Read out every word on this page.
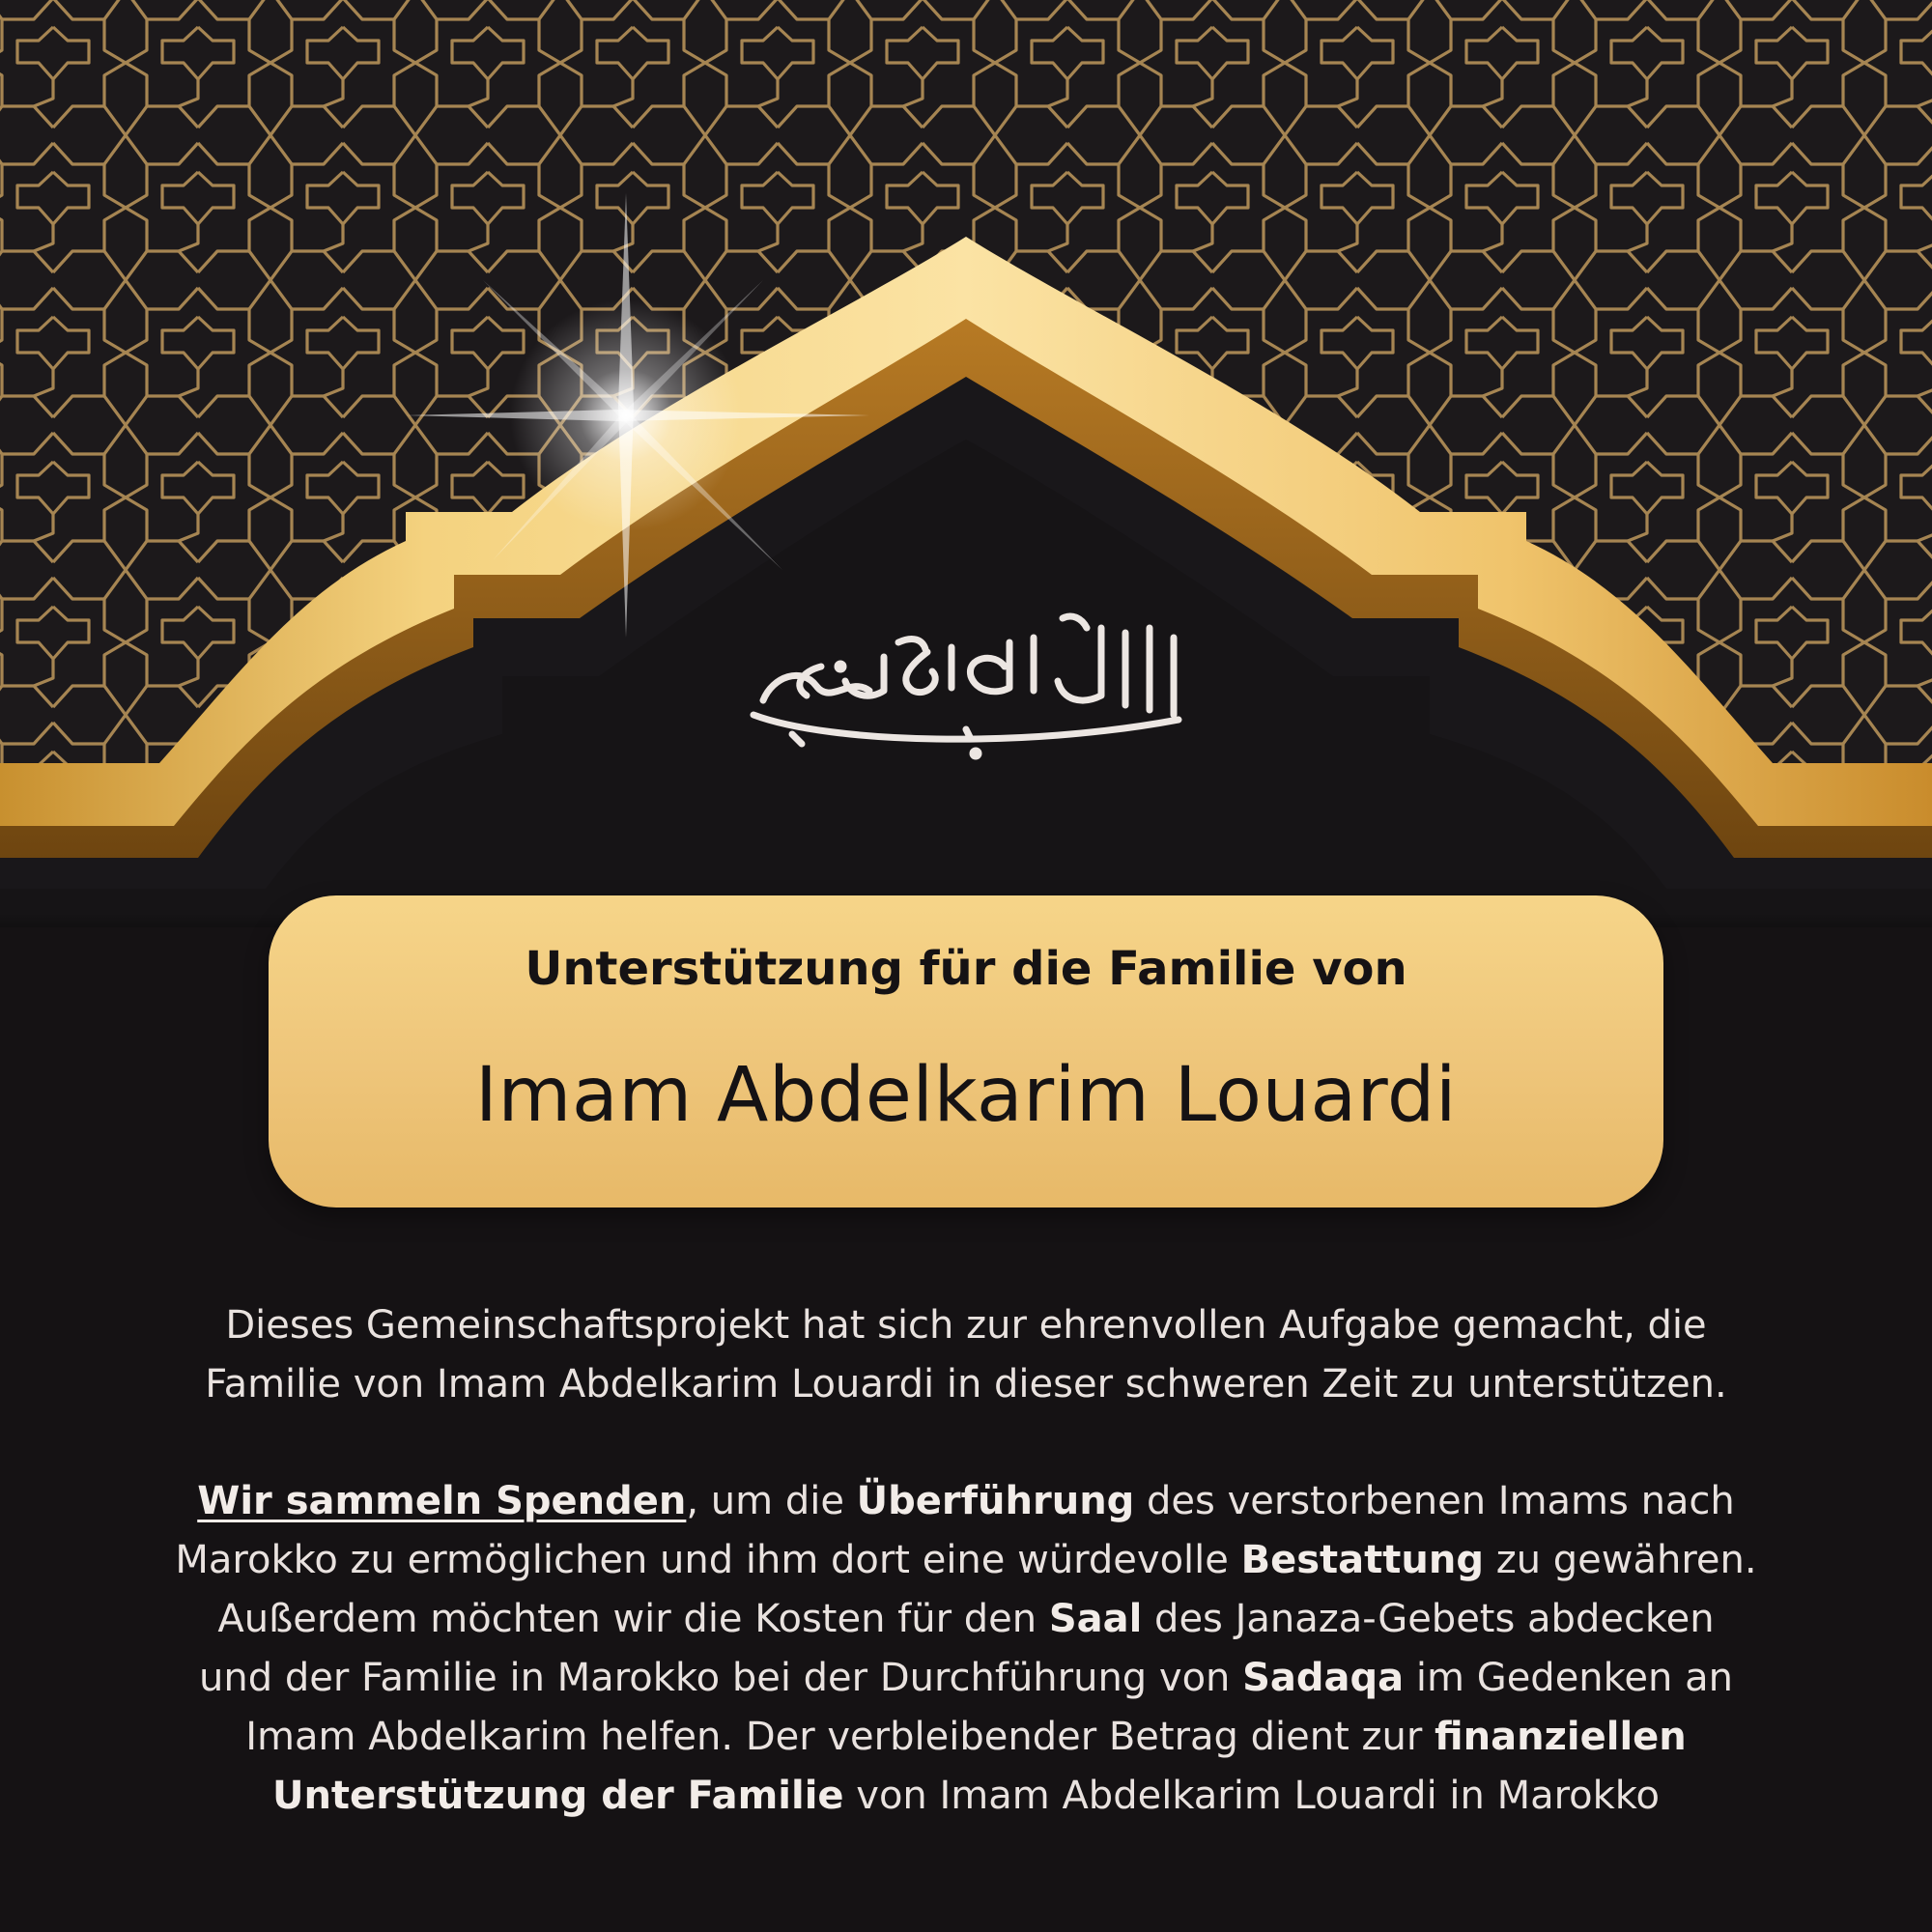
Unterstützung für die Familie von
Imam Abdelkarim Louardi
Dieses Gemeinschaftsprojekt hat sich zur ehrenvollen Aufgabe gemacht, die
Familie von Imam Abdelkarim Louardi in dieser schweren Zeit zu unterstützen.
Wir sammeln Spenden, um die Überführung des verstorbenen Imams nach
Marokko zu ermöglichen und ihm dort eine würdevolle Bestattung zu gewähren.
Außerdem möchten wir die Kosten für den Saal des Janaza-Gebets abdecken
und der Familie in Marokko bei der Durchführung von Sadaqa im Gedenken an
Imam Abdelkarim helfen. Der verbleibender Betrag dient zur finanziellen
Unterstützung der Familie von Imam Abdelkarim Louardi in Marokko
